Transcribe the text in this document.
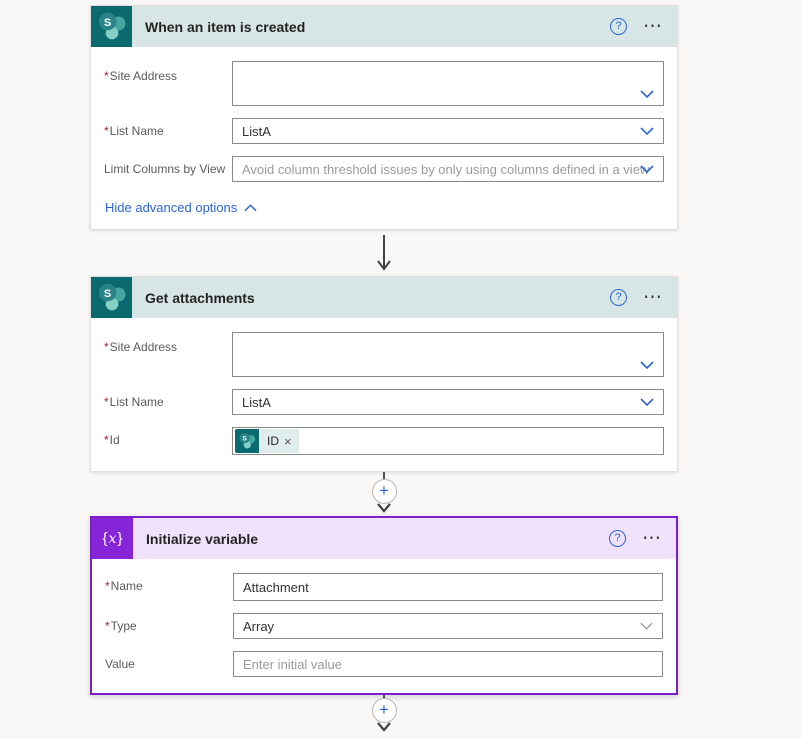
S When an item is created	? ⋯
*Site Address
*List Name	ListA
Limit Columns by View	Avoid column threshold issues by only using columns defined in a view
Hide advanced options
S Get attachments	? ⋯
*Site Address
*List Name	ListA
*Id	S ID ×
+
{ x } Initialize variable	? ⋯
*Name	Attachment
*Type	Array
Value	Enter initial value
+
